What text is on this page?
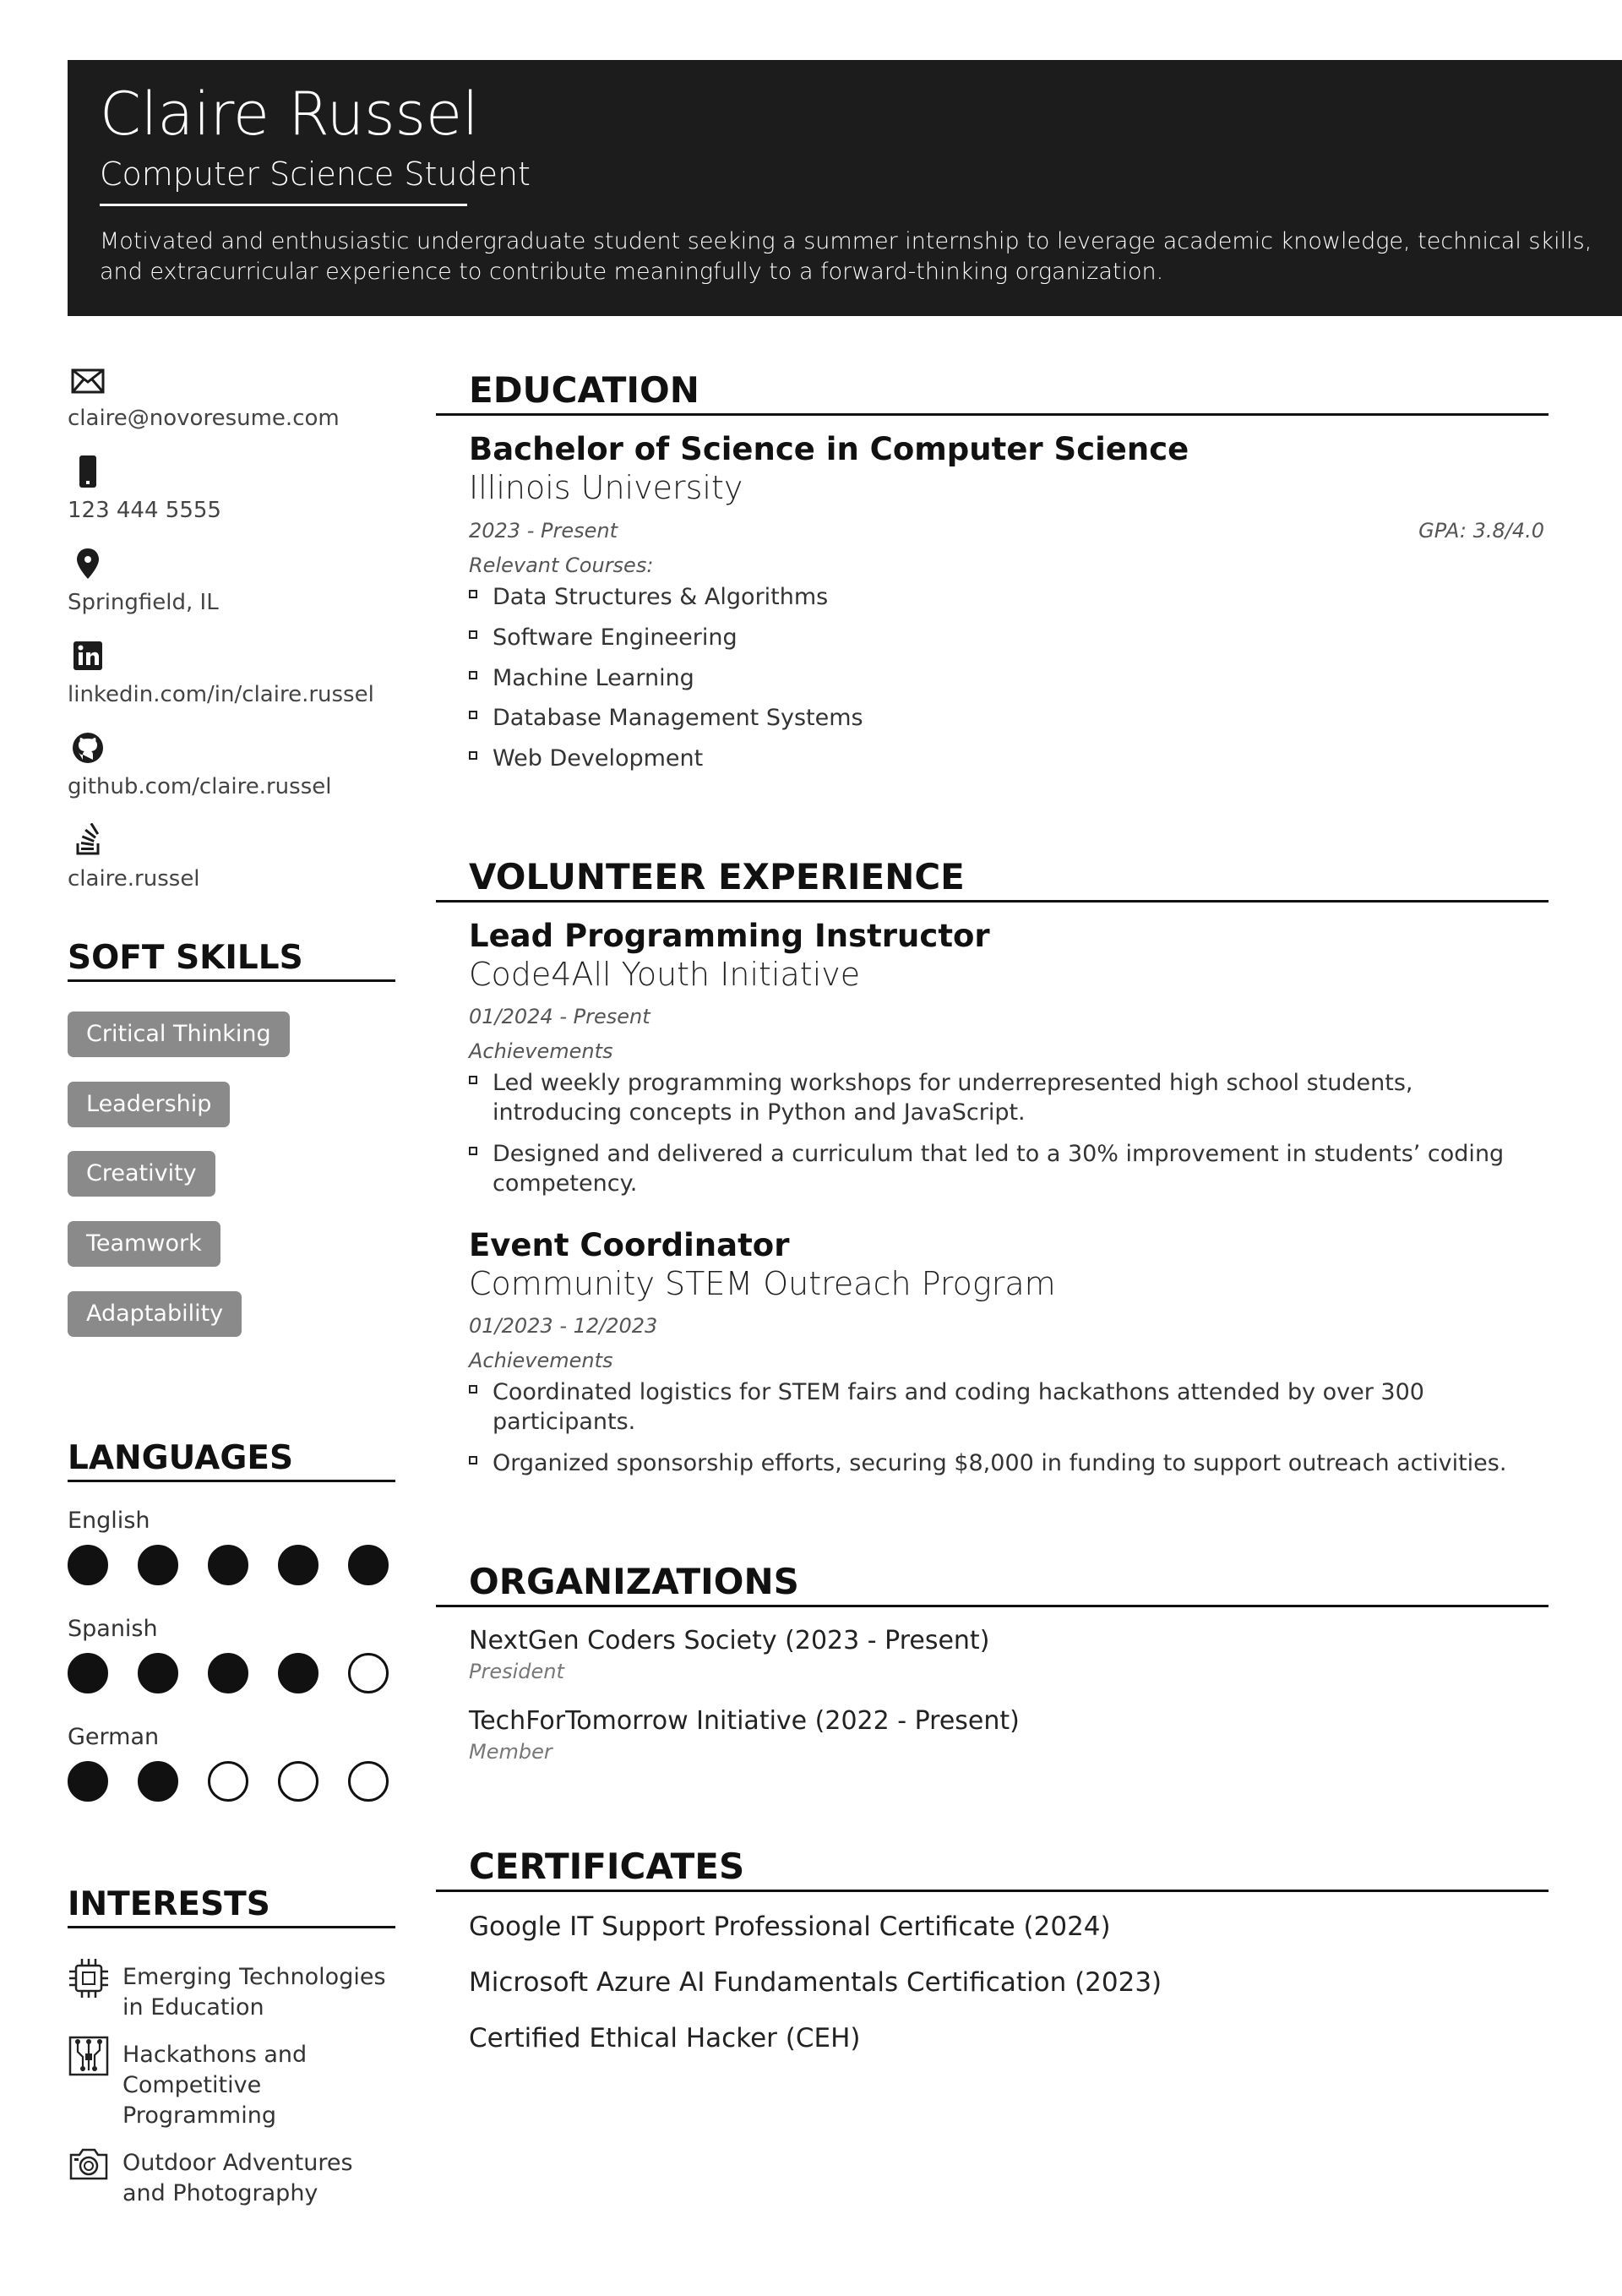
Claire Russel
Computer Science Student
Motivated and enthusiastic undergraduate student seeking a summer internship to leverage academic knowledge, technical skills, and extracurricular experience to contribute meaningfully to a forward-thinking organization.
claire@novoresume.com
123 444 5555
Springfield, IL
linkedin.com/in/claire.russel
github.com/claire.russel
claire.russel
SOFT SKILLS
Critical Thinking
Leadership
Creativity
Teamwork
Adaptability
LANGUAGES
English
Spanish
German
INTERESTS
Emerging Technologies in Education
Hackathons and Competitive Programming
Outdoor Adventures and Photography
EDUCATION
Bachelor of Science in Computer Science
Illinois University
2023 - Present	GPA: 3.8/4.0
Relevant Courses:
Data Structures & Algorithms
Software Engineering
Machine Learning
Database Management Systems
Web Development
VOLUNTEER EXPERIENCE
Lead Programming Instructor
Code4All Youth Initiative
01/2024 - Present
Achievements
Led weekly programming workshops for underrepresented high school students, introducing concepts in Python and JavaScript.
Designed and delivered a curriculum that led to a 30% improvement in students’ coding competency.
Event Coordinator
Community STEM Outreach Program
01/2023 - 12/2023
Achievements
Coordinated logistics for STEM fairs and coding hackathons attended by over 300 participants.
Organized sponsorship efforts, securing $8,000 in funding to support outreach activities.
ORGANIZATIONS
NextGen Coders Society (2023 - Present)
President
TechForTomorrow Initiative (2022 - Present)
Member
CERTIFICATES
Google IT Support Professional Certificate (2024)
Microsoft Azure AI Fundamentals Certification (2023)
Certified Ethical Hacker (CEH)
